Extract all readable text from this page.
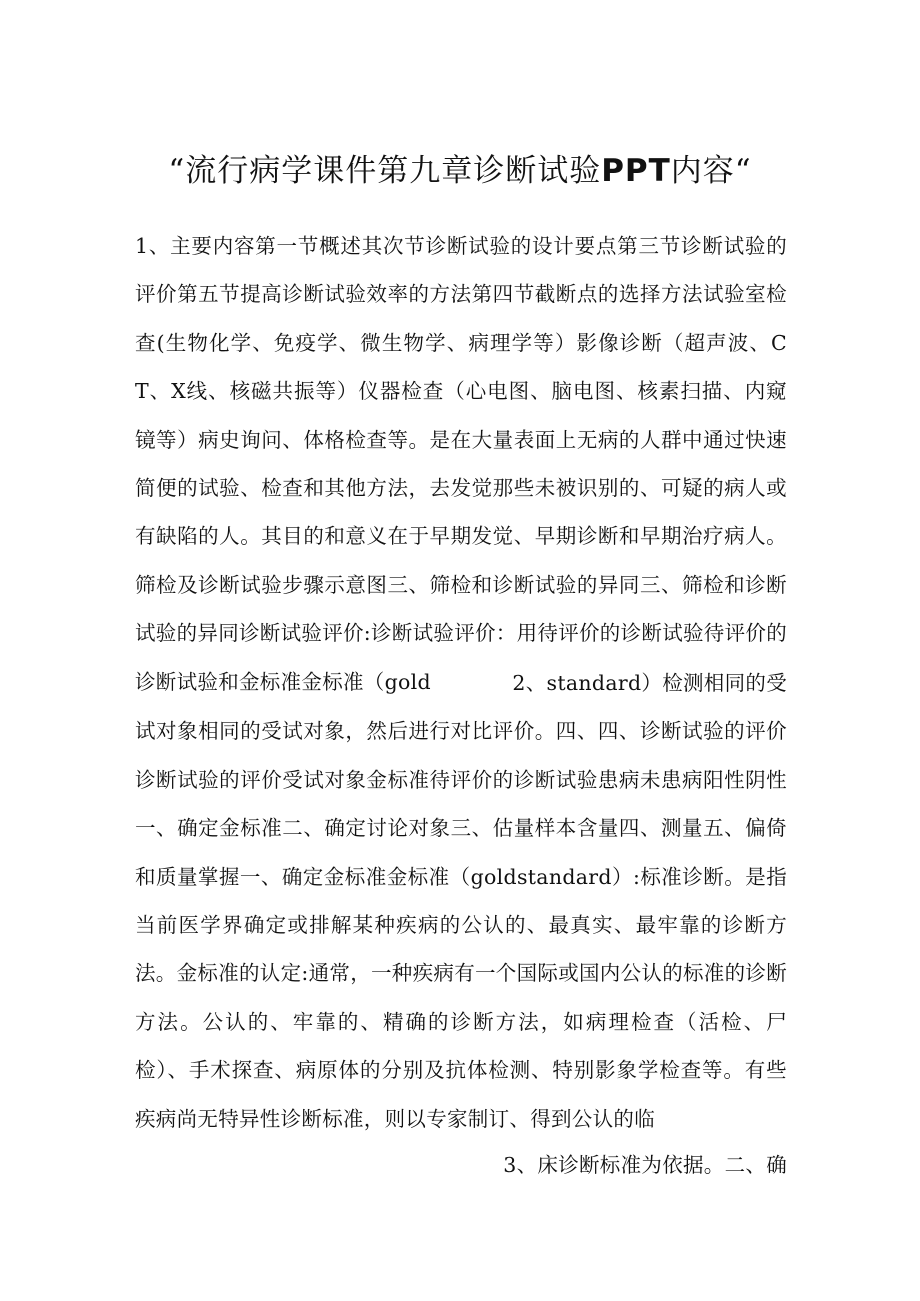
“流行病学课件第九章诊断试验PPT内容“
1、主要内容第一节概述其次节诊断试验的设计要点第三节诊断试验的评价第五节提高诊断试验效率的方法第四节截断点的选择方法试验室检查(生物化学、免疫学、微生物学、病理学等）影像诊断（超声波、CT、X线、核磁共振等）仪器检查（心电图、脑电图、核素扫描、内窥镜等）病史询问、体格检查等。是在大量表面上无病的人群中通过快速简便的试验、检查和其他方法，去发觉那些未被识别的、可疑的病人或有缺陷的人。其目的和意义在于早期发觉、早期诊断和早期治疗病人。筛检及诊断试验步骤示意图三、筛检和诊断试验的异同三、筛检和诊断试验的异同诊断试验评价:诊断试验评价：用待评价的诊断试验待评价的诊断试验和金标准金标准（gold	2、standard）检测相同的受
试对象相同的受试对象，然后进行对比评价。四、四、诊断试验的评价诊断试验的评价受试对象金标准待评价的诊断试验患病未患病阳性阴性一、确定金标准二、确定讨论对象三、估量样本含量四、测量五、偏倚和质量掌握一、确定金标准金标准（goldstandard）:标准诊断。是指当前医学界确定或排解某种疾病的公认的、最真实、最牢靠的诊断方法。金标准的认定:通常，一种疾病有一个国际或国内公认的标准的诊断方法。公认的、牢靠的、精确的诊断方法，如病理检查（活检、尸检）、手术探查、病原体的分别及抗体检测、特别影象学检查等。有些疾病尚无特异性诊断标准，则以专家制订、得到公认的临
3、床诊断标准为依据。二、确
